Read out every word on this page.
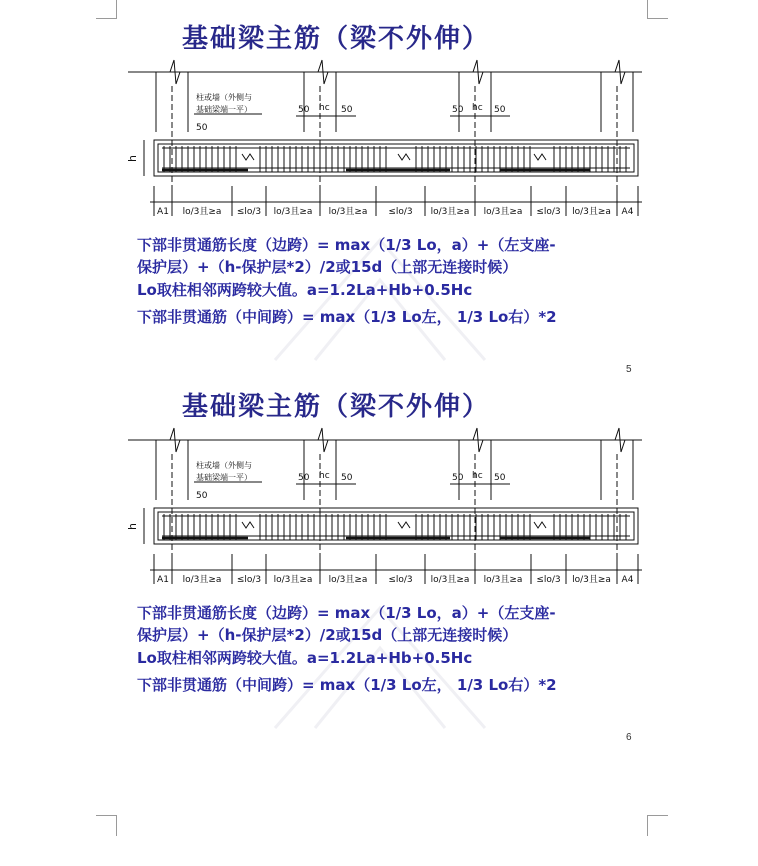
基础梁主筋（梁不外伸）
h
柱或墙（外侧与
基础梁端一平）
50
50 hc 50	50 hc 50
A1 lo/3且≥a ≤lo/3 lo/3且≥a lo/3且≥a ≤lo/3 lo/3且≥a lo/3且≥a ≤lo/3 lo/3且≥a A4
下部非贯通筋长度（边跨）= max（1/3 Lo，a）+（左支座-
保护层）+（h-保护层*2）/2或15d（上部无连接时候）
Lo取柱相邻两跨较大值。a=1.2La+Hb+0.5Hc
下部非贯通筋（中间跨）= max（1/3 Lo左， 1/3 Lo右）*2
5
基础梁主筋（梁不外伸）
h
柱或墙（外侧与
基础梁端一平）
50
50 hc 50	50 hc 50
A1 lo/3且≥a ≤lo/3 lo/3且≥a lo/3且≥a ≤lo/3 lo/3且≥a lo/3且≥a ≤lo/3 lo/3且≥a A4
下部非贯通筋长度（边跨）= max（1/3 Lo，a）+（左支座-
保护层）+（h-保护层*2）/2或15d（上部无连接时候）
Lo取柱相邻两跨较大值。a=1.2La+Hb+0.5Hc
下部非贯通筋（中间跨）= max（1/3 Lo左， 1/3 Lo右）*2
6
